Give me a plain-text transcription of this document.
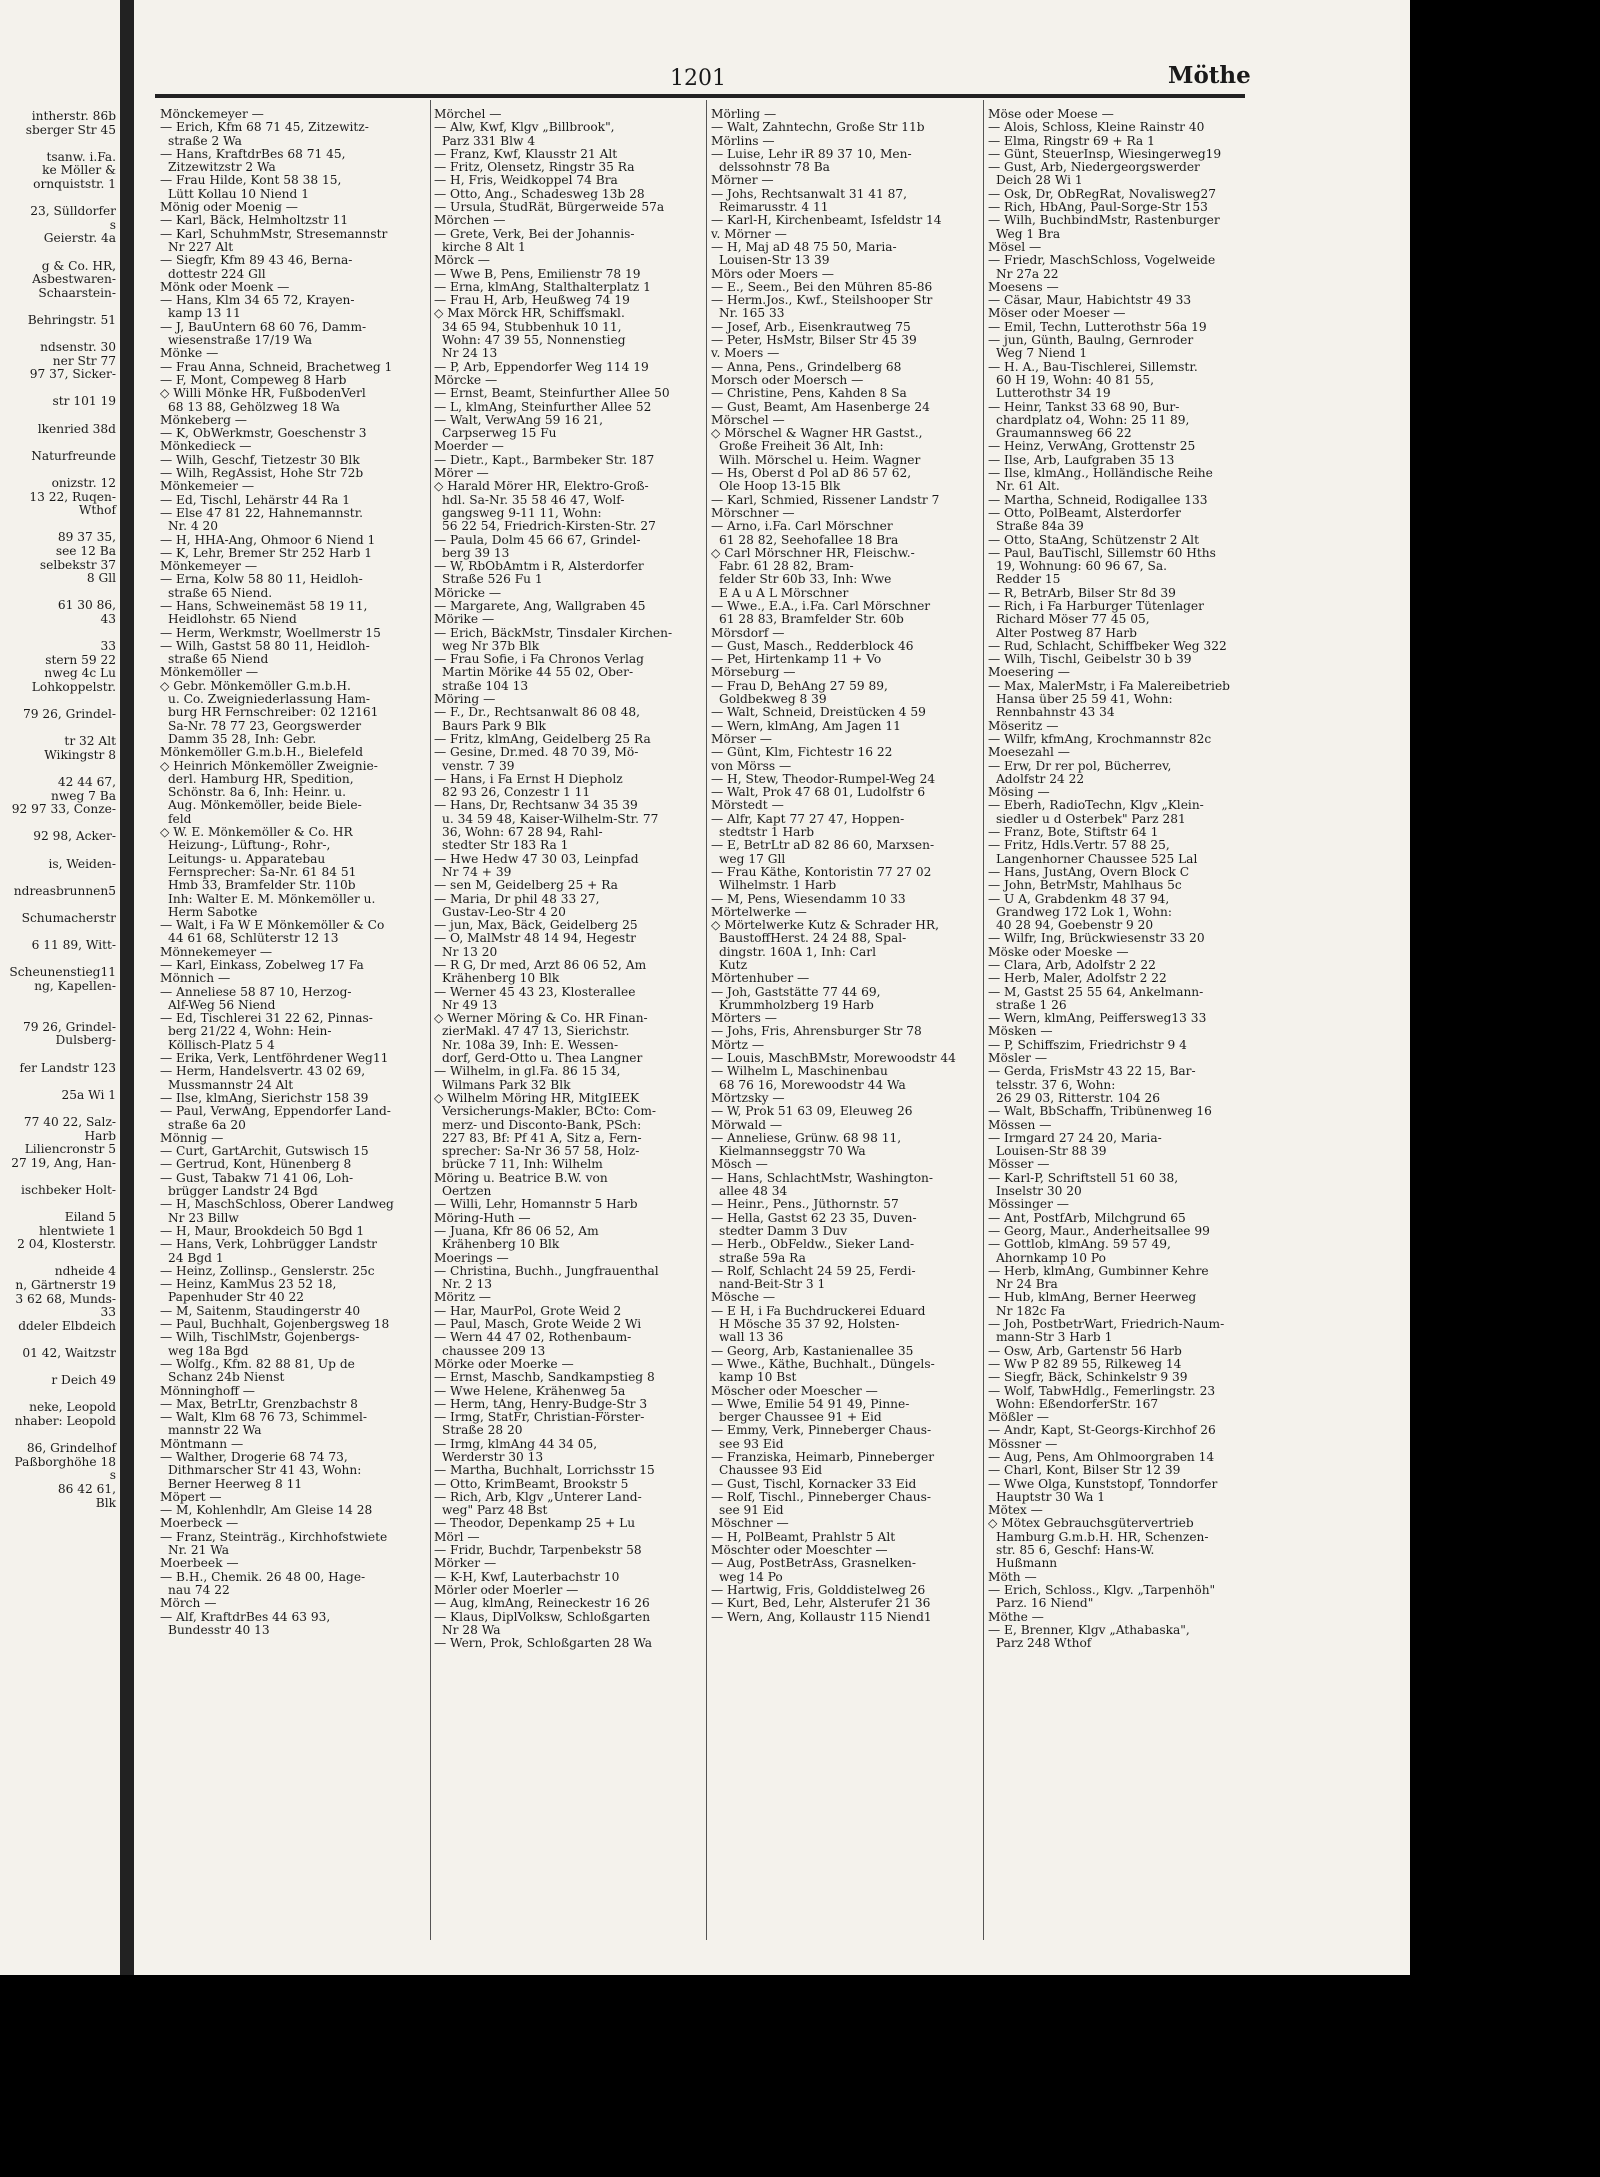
intherstr. 86b
sberger Str 45

tsanw. i.Fa.
ke Möller &
ornquiststr. 1

23, Sülldorfer
s
Geierstr. 4a

g & Co. HR,
Asbestwaren-
Schaarstein-

Behringstr. 51

ndsenstr. 30
ner Str 77
97 37, Sicker-

str 101 19

lkenried 38d

Naturfreunde

onizstr. 12
13 22, Ruqen-
Wthof

89 37 35,
see 12 Ba
selbekstr 37
8 Gll

61 30 86,
43

33
stern 59 22
nweg 4c Lu
Lohkoppelstr.

79 26, Grindel-

tr 32 Alt
Wikingstr 8

42 44 67,
nweg 7 Ba
92 97 33, Conze-

92 98, Acker-

is, Weiden-

ndreasbrunnen5

Schumacherstr

6 11 89, Witt-

Scheunenstieg11
ng, Kapellen-

79 26, Grindel-
Dulsberg-

fer Landstr 123

25a Wi 1

77 40 22, Salz-
Harb
Liliencronstr 5
27 19, Ang, Han-

ischbeker Holt-

Eiland 5
hlentwiete 1
2 04, Klosterstr.

ndheide 4
n, Gärtnerstr 19
3 62 68, Munds-
33
ddeler Elbdeich

01 42, Waitzstr

r Deich 49

neke, Leopold
nhaber: Leopold

86, Grindelhof
Paßborghöhe 18
s
86 42 61,
Blk
1201	Möthe
Mönckemeyer —
— Erich, Kfm 68 71 45, Zitzewitz-
straße 2 Wa
— Hans, KraftdrBes 68 71 45,
Zitzewitzstr 2 Wa
— Frau Hilde, Kont 58 38 15,
Lütt Kollau 10 Niend 1
Mönig oder Moenig —
— Karl, Bäck, Helmholtzstr 11
— Karl, SchuhmMstr, Stresemannstr
Nr 227 Alt
— Siegfr, Kfm 89 43 46, Berna-
dottestr 224 Gll
Mönk oder Moenk —
— Hans, Klm 34 65 72, Krayen-
kamp 13 11
— J, BauUntern 68 60 76, Damm-
wiesenstraße 17/19 Wa
Mönke —
— Frau Anna, Schneid, Brachetweg 1
— F, Mont, Compeweg 8 Harb
◇ Willi Mönke HR, FußbodenVerl
68 13 88, Gehölzweg 18 Wa
Mönkeberg —
— K, ObWerkmstr, Goeschenstr 3
Mönkedieck —
— Wilh, Geschf, Tietzestr 30 Blk
— Wilh, RegAssist, Hohe Str 72b
Mönkemeier —
— Ed, Tischl, Lehärstr 44 Ra 1
— Else 47 81 22, Hahnemannstr.
Nr. 4 20
— H, HHA-Ang, Ohmoor 6 Niend 1
— K, Lehr, Bremer Str 252 Harb 1
Mönkemeyer —
— Erna, Kolw 58 80 11, Heidloh-
straße 65 Niend.
— Hans, Schweinemäst 58 19 11,
Heidlohstr. 65 Niend
— Herm, Werkmstr, Woellmerstr 15
— Wilh, Gastst 58 80 11, Heidloh-
straße 65 Niend
Mönkemöller —
◇ Gebr. Mönkemöller G.m.b.H.
u. Co. Zweigniederlassung Ham-
burg HR Fernschreiber: 02 12161
Sa-Nr. 78 77 23, Georgswerder
Damm 35 28, Inh: Gebr.
Mönkemöller G.m.b.H., Bielefeld
◇ Heinrich Mönkemöller Zweignie-
derl. Hamburg HR, Spedition,
Schönstr. 8a 6, Inh: Heinr. u.
Aug. Mönkemöller, beide Biele-
feld
◇ W. E. Mönkemöller & Co. HR
Heizung-, Lüftung-, Rohr-,
Leitungs- u. Apparatebau
Fernsprecher: Sa-Nr. 61 84 51
Hmb 33, Bramfelder Str. 110b
Inh: Walter E. M. Mönkemöller u.
Herm Sabotke
— Walt, i Fa W E Mönkemöller & Co
44 61 68, Schlüterstr 12 13
Mönnekemeyer —
— Karl, Einkass, Zobelweg 17 Fa
Mönnich —
— Anneliese 58 87 10, Herzog-
Alf-Weg 56 Niend
— Ed, Tischlerei 31 22 62, Pinnas-
berg 21/22 4, Wohn: Hein-
Köllisch-Platz 5 4
— Erika, Verk, Lentföhrdener Weg11
— Herm, Handelsvertr. 43 02 69,
Mussmannstr 24 Alt
— Ilse, klmAng, Sierichstr 158 39
— Paul, VerwAng, Eppendorfer Land-
straße 6a 20
Mönnig —
— Curt, GartArchit, Gutswisch 15
— Gertrud, Kont, Hünenberg 8
— Gust, Tabakw 71 41 06, Loh-
brügger Landstr 24 Bgd
— H, MaschSchloss, Oberer Landweg
Nr 23 Billw
— H, Maur, Brookdeich 50 Bgd 1
— Hans, Verk, Lohbrügger Landstr
24 Bgd 1
— Heinz, Zollinsp., Genslerstr. 25c
— Heinz, KamMus 23 52 18,
Papenhuder Str 40 22
— M, Saitenm, Staudingerstr 40
— Paul, Buchhalt, Gojenbergsweg 18
— Wilh, TischlMstr, Gojenbergs-
weg 18a Bgd
— Wolfg., Kfm. 82 88 81, Up de
Schanz 24b Nienst
Mönninghoff —
— Max, BetrLtr, Grenzbachstr 8
— Walt, Klm 68 76 73, Schimmel-
mannstr 22 Wa
Möntmann —
— Walther, Drogerie 68 74 73,
Dithmarscher Str 41 43, Wohn:
Berner Heerweg 8 11
Möpert —
— M, Kohlenhdlr, Am Gleise 14 28
Moerbeck —
— Franz, Steinträg., Kirchhofstwiete
Nr. 21 Wa
Moerbeek —
— B.H., Chemik. 26 48 00, Hage-
nau 74 22
Mörch —
— Alf, KraftdrBes 44 63 93,
Bundesstr 40 13
Mörchel —
— Alw, Kwf, Klgv „Billbrook",
Parz 331 Blw 4
— Franz, Kwf, Klausstr 21 Alt
— Fritz, Olensetz, Ringstr 35 Ra
— H, Fris, Weidkoppel 74 Bra
— Otto, Ang., Schadesweg 13b 28
— Ursula, StudRät, Bürgerweide 57a
Mörchen —
— Grete, Verk, Bei der Johannis-
kirche 8 Alt 1
Mörck —
— Wwe B, Pens, Emilienstr 78 19
— Erna, klmAng, Stalthalterplatz 1
— Frau H, Arb, Heußweg 74 19
◇ Max Mörck HR, Schiffsmakl.
34 65 94, Stubbenhuk 10 11,
Wohn: 47 39 55, Nonnenstieg
Nr 24 13
— P, Arb, Eppendorfer Weg 114 19
Mörcke —
— Ernst, Beamt, Steinfurther Allee 50
— L, klmAng, Steinfurther Allee 52
— Walt, VerwAng 59 16 21,
Carpserweg 15 Fu
Moerder —
— Dietr., Kapt., Barmbeker Str. 187
Mörer —
◇ Harald Mörer HR, Elektro-Groß-
hdl. Sa-Nr. 35 58 46 47, Wolf-
gangsweg 9-11 11, Wohn:
56 22 54, Friedrich-Kirsten-Str. 27
— Paula, Dolm 45 66 67, Grindel-
berg 39 13
— W, RbObAmtm i R, Alsterdorfer
Straße 526 Fu 1
Möricke —
— Margarete, Ang, Wallgraben 45
Mörike —
— Erich, BäckMstr, Tinsdaler Kirchen-
weg Nr 37b Blk
— Frau Sofie, i Fa Chronos Verlag
Martin Mörike 44 55 02, Ober-
straße 104 13
Möring —
— F., Dr., Rechtsanwalt 86 08 48,
Baurs Park 9 Blk
— Fritz, klmAng, Geidelberg 25 Ra
— Gesine, Dr.med. 48 70 39, Mö-
venstr. 7 39
— Hans, i Fa Ernst H Diepholz
82 93 26, Conzestr 1 11
— Hans, Dr, Rechtsanw 34 35 39
u. 34 59 48, Kaiser-Wilhelm-Str. 77
36, Wohn: 67 28 94, Rahl-
stedter Str 183 Ra 1
— Hwe Hedw 47 30 03, Leinpfad
Nr 74 + 39
— sen M, Geidelberg 25 + Ra
— Maria, Dr phil 48 33 27,
Gustav-Leo-Str 4 20
— jun, Max, Bäck, Geidelberg 25
— O, MalMstr 48 14 94, Hegestr
Nr 13 20
— R G, Dr med, Arzt 86 06 52, Am
Krähenberg 10 Blk
— Werner 45 43 23, Klosterallee
Nr 49 13
◇ Werner Möring & Co. HR Finan-
zierMakl. 47 47 13, Sierichstr.
Nr. 108a 39, Inh: E. Wessen-
dorf, Gerd-Otto u. Thea Langner
— Wilhelm, in gl.Fa. 86 15 34,
Wilmans Park 32 Blk
◇ Wilhelm Möring HR, MitgIEEK
Versicherungs-Makler, BCto: Com-
merz- und Disconto-Bank, PSch:
227 83, Bf: Pf 41 A, Sitz a, Fern-
sprecher: Sa-Nr 36 57 58, Holz-
brücke 7 11, Inh: Wilhelm
Möring u. Beatrice B.W. von
Oertzen
— Willi, Lehr, Homannstr 5 Harb
Möring-Huth —
— Juana, Kfr 86 06 52, Am
Krähenberg 10 Blk
Moerings —
— Christina, Buchh., Jungfrauenthal
Nr. 2 13
Möritz —
— Har, MaurPol, Grote Weid 2
— Paul, Masch, Grote Weide 2 Wi
— Wern 44 47 02, Rothenbaum-
chaussee 209 13
Mörke oder Moerke —
— Ernst, Maschb, Sandkampstieg 8
— Wwe Helene, Krähenweg 5a
— Herm, tAng, Henry-Budge-Str 3
— Irmg, StatFr, Christian-Förster-
Straße 28 20
— Irmg, klmAng 44 34 05,
Werderstr 30 13
— Martha, Buchhalt, Lorrichsstr 15
— Otto, KrimBeamt, Brookstr 5
— Rich, Arb, Klgv „Unterer Land-
weg" Parz 48 Bst
— Theodor, Depenkamp 25 + Lu
Mörl —
— Fridr, Buchdr, Tarpenbekstr 58
Mörker —
— K-H, Kwf, Lauterbachstr 10
Mörler oder Moerler —
— Aug, klmAng, Reineckestr 16 26
— Klaus, DiplVolksw, Schloßgarten
Nr 28 Wa
— Wern, Prok, Schloßgarten 28 Wa
Mörling —
— Walt, Zahntechn, Große Str 11b
Mörlins —
— Luise, Lehr iR 89 37 10, Men-
delssohnstr 78 Ba
Mörner —
— Johs, Rechtsanwalt 31 41 87,
Reimarusstr. 4 11
— Karl-H, Kirchenbeamt, Isfeldstr 14
v. Mörner —
— H, Maj aD 48 75 50, Maria-
Louisen-Str 13 39
Mörs oder Moers —
— E., Seem., Bei den Mühren 85-86
— Herm.Jos., Kwf., Steilshooper Str
Nr. 165 33
— Josef, Arb., Eisenkrautweg 75
— Peter, HsMstr, Bilser Str 45 39
v. Moers —
— Anna, Pens., Grindelberg 68
Morsch oder Moersch —
— Christine, Pens, Kahden 8 Sa
— Gust, Beamt, Am Hasenberge 24
Mörschel —
◇ Mörschel & Wagner HR Gastst.,
Große Freiheit 36 Alt, Inh:
Wilh. Mörschel u. Heim. Wagner
— Hs, Oberst d Pol aD 86 57 62,
Ole Hoop 13-15 Blk
— Karl, Schmied, Rissener Landstr 7
Mörschner —
— Arno, i.Fa. Carl Mörschner
61 28 82, Seehofallee 18 Bra
◇ Carl Mörschner HR, Fleischw.-
Fabr. 61 28 82, Bram-
felder Str 60b 33, Inh: Wwe
E A u A L Mörschner
— Wwe., E.A., i.Fa. Carl Mörschner
61 28 83, Bramfelder Str. 60b
Mörsdorf —
— Gust, Masch., Redderblock 46
— Pet, Hirtenkamp 11 + Vo
Mörseburg —
— Frau D, BehAng 27 59 89,
Goldbekweg 8 39
— Walt, Schneid, Dreistücken 4 59
— Wern, klmAng, Am Jagen 11
Mörser —
— Günt, Klm, Fichtestr 16 22
von Mörss —
— H, Stew, Theodor-Rumpel-Weg 24
— Walt, Prok 47 68 01, Ludolfstr 6
Mörstedt —
— Alfr, Kapt 77 27 47, Hoppen-
stedtstr 1 Harb
— E, BetrLtr aD 82 86 60, Marxsen-
weg 17 Gll
— Frau Käthe, Kontoristin 77 27 02
Wilhelmstr. 1 Harb
— M, Pens, Wiesendamm 10 33
Mörtelwerke —
◇ Mörtelwerke Kutz & Schrader HR,
BaustoffHerst. 24 24 88, Spal-
dingstr. 160A 1, Inh: Carl
Kutz
Mörtenhuber —
— Joh, Gaststätte 77 44 69,
Krummholzberg 19 Harb
Mörters —
— Johs, Fris, Ahrensburger Str 78
Mörtz —
— Louis, MaschBMstr, Morewoodstr 44
— Wilhelm L, Maschinenbau
68 76 16, Morewoodstr 44 Wa
Mörtzsky —
— W, Prok 51 63 09, Eleuweg 26
Mörwald —
— Anneliese, Grünw. 68 98 11,
Kielmannseggstr 70 Wa
Mösch —
— Hans, SchlachtMstr, Washington-
allee 48 34
— Heinr., Pens., Jüthornstr. 57
— Hella, Gastst 62 23 35, Duven-
stedter Damm 3 Duv
— Herb., ObFeldw., Sieker Land-
straße 59a Ra
— Rolf, Schlacht 24 59 25, Ferdi-
nand-Beit-Str 3 1
Mösche —
— E H, i Fa Buchdruckerei Eduard
H Mösche 35 37 92, Holsten-
wall 13 36
— Georg, Arb, Kastanienallee 35
— Wwe., Käthe, Buchhalt., Düngels-
kamp 10 Bst
Möscher oder Moescher —
— Wwe, Emilie 54 91 49, Pinne-
berger Chaussee 91 + Eid
— Emmy, Verk, Pinneberger Chaus-
see 93 Eid
— Franziska, Heimarb, Pinneberger
Chaussee 93 Eid
— Gust, Tischl, Kornacker 33 Eid
— Rolf, Tischl., Pinneberger Chaus-
see 91 Eid
Möschner —
— H, PolBeamt, Prahlstr 5 Alt
Möschter oder Moeschter —
— Aug, PostBetrAss, Grasnelken-
weg 14 Po
— Hartwig, Fris, Golddistelweg 26
— Kurt, Bed, Lehr, Alsterufer 21 36
— Wern, Ang, Kollaustr 115 Niend1
Möse oder Moese —
— Alois, Schloss, Kleine Rainstr 40
— Elma, Ringstr 69 + Ra 1
— Günt, SteuerInsp, Wiesingerweg19
— Gust, Arb, Niedergeorgswerder
Deich 28 Wi 1
— Osk, Dr, ObRegRat, Novalisweg27
— Rich, HbAng, Paul-Sorge-Str 153
— Wilh, BuchbindMstr, Rastenburger
Weg 1 Bra
Mösel —
— Friedr, MaschSchloss, Vogelweide
Nr 27a 22
Moesens —
— Cäsar, Maur, Habichtstr 49 33
Möser oder Moeser —
— Emil, Techn, Lutterothstr 56a 19
— jun, Günth, Baulng, Gernroder
Weg 7 Niend 1
— H. A., Bau-Tischlerei, Sillemstr.
60 H 19, Wohn: 40 81 55,
Lutterothstr 34 19
— Heinr, Tankst 33 68 90, Bur-
chardplatz o4, Wohn: 25 11 89,
Graumannsweg 66 22
— Heinz, VerwAng, Grottenstr 25
— Ilse, Arb, Laufgraben 35 13
— Ilse, klmAng., Holländische Reihe
Nr. 61 Alt.
— Martha, Schneid, Rodigallee 133
— Otto, PolBeamt, Alsterdorfer
Straße 84a 39
— Otto, StaAng, Schützenstr 2 Alt
— Paul, BauTischl, Sillemstr 60 Hths
19, Wohnung: 60 96 67, Sa.
Redder 15
— R, BetrArb, Bilser Str 8d 39
— Rich, i Fa Harburger Tütenlager
Richard Möser 77 45 05,
Alter Postweg 87 Harb
— Rud, Schlacht, Schiffbeker Weg 322
— Wilh, Tischl, Geibelstr 30 b 39
Moesering —
— Max, MalerMstr, i Fa Malereibetrieb
Hansa über 25 59 41, Wohn:
Rennbahnstr 43 34
Möseritz —
— Wilfr, kfmAng, Krochmannstr 82c
Moesezahl —
— Erw, Dr rer pol, Bücherrev,
Adolfstr 24 22
Mösing —
— Eberh, RadioTechn, Klgv „Klein-
siedler u d Osterbek" Parz 281
— Franz, Bote, Stiftstr 64 1
— Fritz, Hdls.Vertr. 57 88 25,
Langenhorner Chaussee 525 Lal
— Hans, JustAng, Overn Block C
— John, BetrMstr, Mahlhaus 5c
— U A, Grabdenkm 48 37 94,
Grandweg 172 Lok 1, Wohn:
40 28 94, Goebenstr 9 20
— Wilfr, Ing, Brückwiesenstr 33 20
Möske oder Moeske —
— Clara, Arb, Adolfstr 2 22
— Herb, Maler, Adolfstr 2 22
— M, Gastst 25 55 64, Ankelmann-
straße 1 26
— Wern, klmAng, Peiffersweg13 33
Mösken —
— P, Schiffszim, Friedrichstr 9 4
Mösler —
— Gerda, FrisMstr 43 22 15, Bar-
telsstr. 37 6, Wohn:
26 29 03, Ritterstr. 104 26
— Walt, BbSchaffn, Tribünenweg 16
Mössen —
— Irmgard 27 24 20, Maria-
Louisen-Str 88 39
Mösser —
— Karl-P, Schriftstell 51 60 38,
Inselstr 30 20
Mössinger —
— Ant, PostfArb, Milchgrund 65
— Georg, Maur., Anderheitsallee 99
— Gottlob, klmAng. 59 57 49,
Ahornkamp 10 Po
— Herb, klmAng, Gumbinner Kehre
Nr 24 Bra
— Hub, klmAng, Berner Heerweg
Nr 182c Fa
— Joh, PostbetrWart, Friedrich-Naum-
mann-Str 3 Harb 1
— Osw, Arb, Gartenstr 56 Harb
— Ww P 82 89 55, Rilkeweg 14
— Siegfr, Bäck, Schinkelstr 9 39
— Wolf, TabwHdlg., Femerlingstr. 23
Wohn: EßendorferStr. 167
Mößler —
— Andr, Kapt, St-Georgs-Kirchhof 26
Mössner —
— Aug, Pens, Am Ohlmoorgraben 14
— Charl, Kont, Bilser Str 12 39
— Wwe Olga, Kunststopf, Tonndorfer
Hauptstr 30 Wa 1
Mötex —
◇ Mötex Gebrauchsgütervertrieb
Hamburg G.m.b.H. HR, Schenzen-
str. 85 6, Geschf: Hans-W.
Hußmann
Möth —
— Erich, Schloss., Klgv. „Tarpenhöh"
Parz. 16 Niend"
Möthe —
— E, Brenner, Klgv „Athabaska",
Parz 248 Wthof
